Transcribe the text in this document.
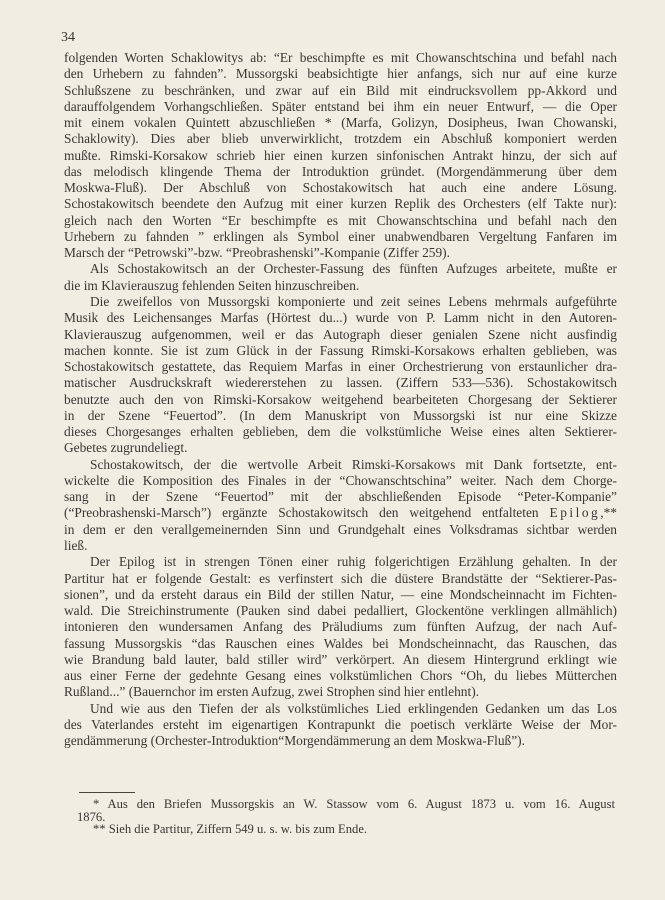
34
folgenden Worten Schaklowitys ab: “Er beschimpfte es mit Chowanschtschina und befahl nach
den Urhebern zu fahnden”. Mussorgski beabsichtigte hier anfangs, sich nur auf eine kurze
Schlußszene zu beschränken, und zwar auf ein Bild mit eindrucksvollem pp-Akkord und
darauffolgendem Vorhangschließen. Später entstand bei ihm ein neuer Entwurf, — die Oper
mit einem vokalen Quintett abzuschließen * (Marfa, Golizyn, Dosipheus, Iwan Chowanski,
Schaklowity). Dies aber blieb unverwirklicht, trotzdem ein Abschluß komponiert werden
mußte. Rimski-Korsakow schrieb hier einen kurzen sinfonischen Antrakt hinzu, der sich auf
das melodisch klingende Thema der Introduktion gründet. (Morgendämmerung über dem
Moskwa-Fluß). Der Abschluß von Schostakowitsch hat auch eine andere Lösung.
Schostakowitsch beendete den Aufzug mit einer kurzen Replik des Orchesters (elf Takte nur):
gleich nach den Worten “Er beschimpfte es mit Chowanschtschina und befahl nach den
Urhebern zu fahnden ” erklingen als Symbol einer unabwendbaren Vergeltung Fanfaren im
Marsch der “Petrowski”-bzw. “Preobrashenski”-Kompanie (Ziffer 259).
Als Schostakowitsch an der Orchester-Fassung des fünften Aufzuges arbeitete, mußte er
die im Klavierauszug fehlenden Seiten hinzuschreiben.
Die zweifellos von Mussorgski komponierte und zeit seines Lebens mehrmals aufgeführte
Musik des Leichensanges Marfas (Hörtest du...) wurde von P. Lamm nicht in den Autoren-
Klavierauszug aufgenommen, weil er das Autograph dieser genialen Szene nicht ausfindig
machen konnte. Sie ist zum Glück in der Fassung Rimski-Korsakows erhalten geblieben, was
Schostakowitsch gestattete, das Requiem Marfas in einer Orchestrierung von erstaunlicher dra-
matischer Ausdruckskraft wiedererstehen zu lassen. (Ziffern 533—536). Schostakowitsch
benutzte auch den von Rimski-Korsakow weitgehend bearbeiteten Chorgesang der Sektierer
in der Szene “Feuertod”. (In dem Manuskript von Mussorgski ist nur eine Skizze
dieses Chorgesanges erhalten geblieben, dem die volkstümliche Weise eines alten Sektierer-
Gebetes zugrundeliegt.
Schostakowitsch, der die wertvolle Arbeit Rimski-Korsakows mit Dank fortsetzte, ent-
wickelte die Komposition des Finales in der “Chowanschtschina” weiter. Nach dem Chorge-
sang in der Szene “Feuertod” mit der abschließenden Episode “Peter-Kompanie”
(“Preobrashenski-Marsch”) ergänzte Schostakowitsch den weitgehend entfalteten Epilog,**
in dem er den verallgemeinernden Sinn und Grundgehalt eines Volksdramas sichtbar werden
ließ.
Der Epilog ist in strengen Tönen einer ruhig folgerichtigen Erzählung gehalten. In der
Partitur hat er folgende Gestalt: es verfinstert sich die düstere Brandstätte der “Sektierer-Pas-
sionen”, und da ersteht daraus ein Bild der stillen Natur, — eine Mondscheinnacht im Fichten-
wald. Die Streichinstrumente (Pauken sind dabei pedalliert, Glockentöne verklingen allmählich)
intonieren den wundersamen Anfang des Präludiums zum fünften Aufzug, der nach Auf-
fassung Mussorgskis “das Rauschen eines Waldes bei Mondscheinnacht, das Rauschen, das
wie Brandung bald lauter, bald stiller wird” verkörpert. An diesem Hintergrund erklingt wie
aus einer Ferne der gedehnte Gesang eines volkstümlichen Chors “Oh, du liebes Mütterchen
Rußland...” (Bauernchor im ersten Aufzug, zwei Strophen sind hier entlehnt).
Und wie aus den Tiefen der als volkstümliches Lied erklingenden Gedanken um das Los
des Vaterlandes ersteht im eigenartigen Kontrapunkt die poetisch verklärte Weise der Mor-
gendämmerung (Orchester-Introduktion“Morgendämmerung an dem Moskwa-Fluß”).
* Aus den Briefen Mussorgskis an W. Stassow vom 6. August 1873 u. vom 16. August
1876.
** Sieh die Partitur, Ziffern 549 u. s. w. bis zum Ende.
